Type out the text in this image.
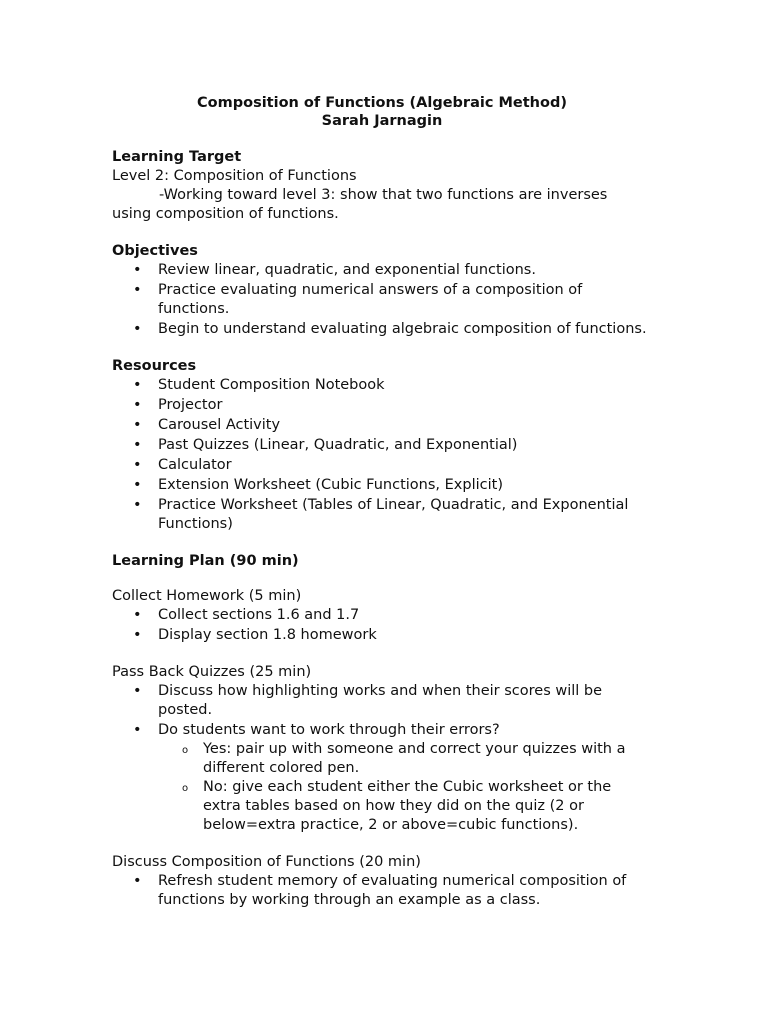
Composition of Functions (Algebraic Method)
Sarah Jarnagin
Learning Target

Level 2: Composition of Functions

-Working toward level 3: show that two functions are inverses

using composition of functions.

Objectives
• Review linear, quadratic, and exponential functions.
• Practice evaluating numerical answers of a composition of functions.
• Begin to understand evaluating algebraic composition of functions.
Resources
• Student Composition Notebook
• Projector
• Carousel Activity
• Past Quizzes (Linear, Quadratic, and Exponential)
• Calculator
• Extension Worksheet (Cubic Functions, Explicit)
• Practice Worksheet (Tables of Linear, Quadratic, and Exponential Functions)
Learning Plan (90 min)

Collect Homework (5 min)

• Collect sections 1.6 and 1.7
• Display section 1.8 homework

Pass Back Quizzes (25 min)

• Discuss how highlighting works and when their scores will be posted.
• Do students want to work through their errors?
o Yes: pair up with someone and correct your quizzes with a different colored pen.
o No: give each student either the Cubic worksheet or the extra tables based on how they did on the quiz (2 or below=extra practice, 2 or above=cubic functions).

Discuss Composition of Functions (20 min)

• Refresh student memory of evaluating numerical composition of functions by working through an example as a class.
